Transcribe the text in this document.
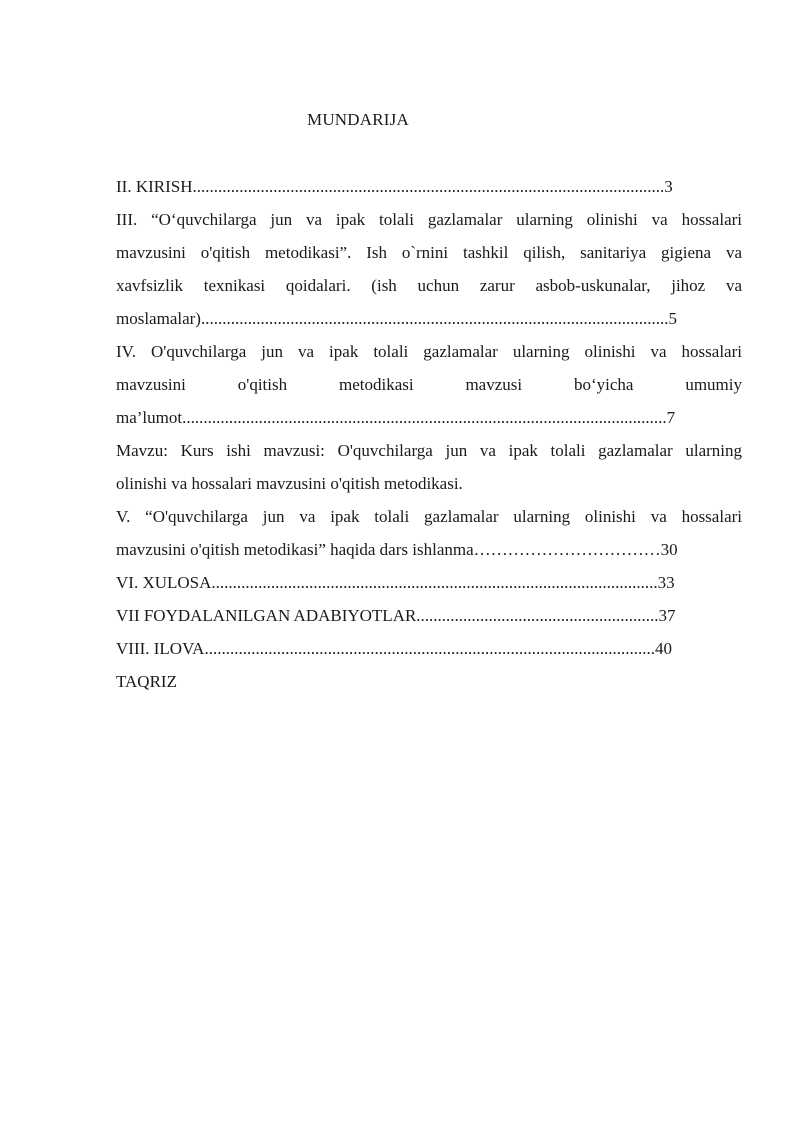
MUNDARIJA
II. KIRISH...............................................................................................................3
III. “O‘quvchilarga jun va ipak tolali gazlamalar ularning olinishi va hossalari
mavzusini o'qitish metodikasi”. Ish o`rnini tashkil qilish, sanitariya gigiena va
xavfsizlik texnikasi qoidalari. (ish uchun zarur asbob-uskunalar, jihoz va
moslamalar)..............................................................................................................5
IV. O'quvchilarga jun va ipak tolali gazlamalar ularning olinishi va hossalari
mavzusini o'qitish metodikasi mavzusi bo‘yicha umumiy
ma’lumot..................................................................................................................7
Mavzu: Kurs ishi mavzusi: O'quvchilarga jun va ipak tolali gazlamalar ularning
olinishi va hossalari mavzusini o'qitish metodikasi.
V. “O'quvchilarga jun va ipak tolali gazlamalar ularning olinishi va hossalari
mavzusini o'qitish metodikasi” haqida dars ishlanma……………………………30
VI. XULOSA.........................................................................................................33
VII FOYDALANILGAN ADABIYOTLAR.........................................................37
VIII. ILOVA..........................................................................................................40
TAQRIZ
